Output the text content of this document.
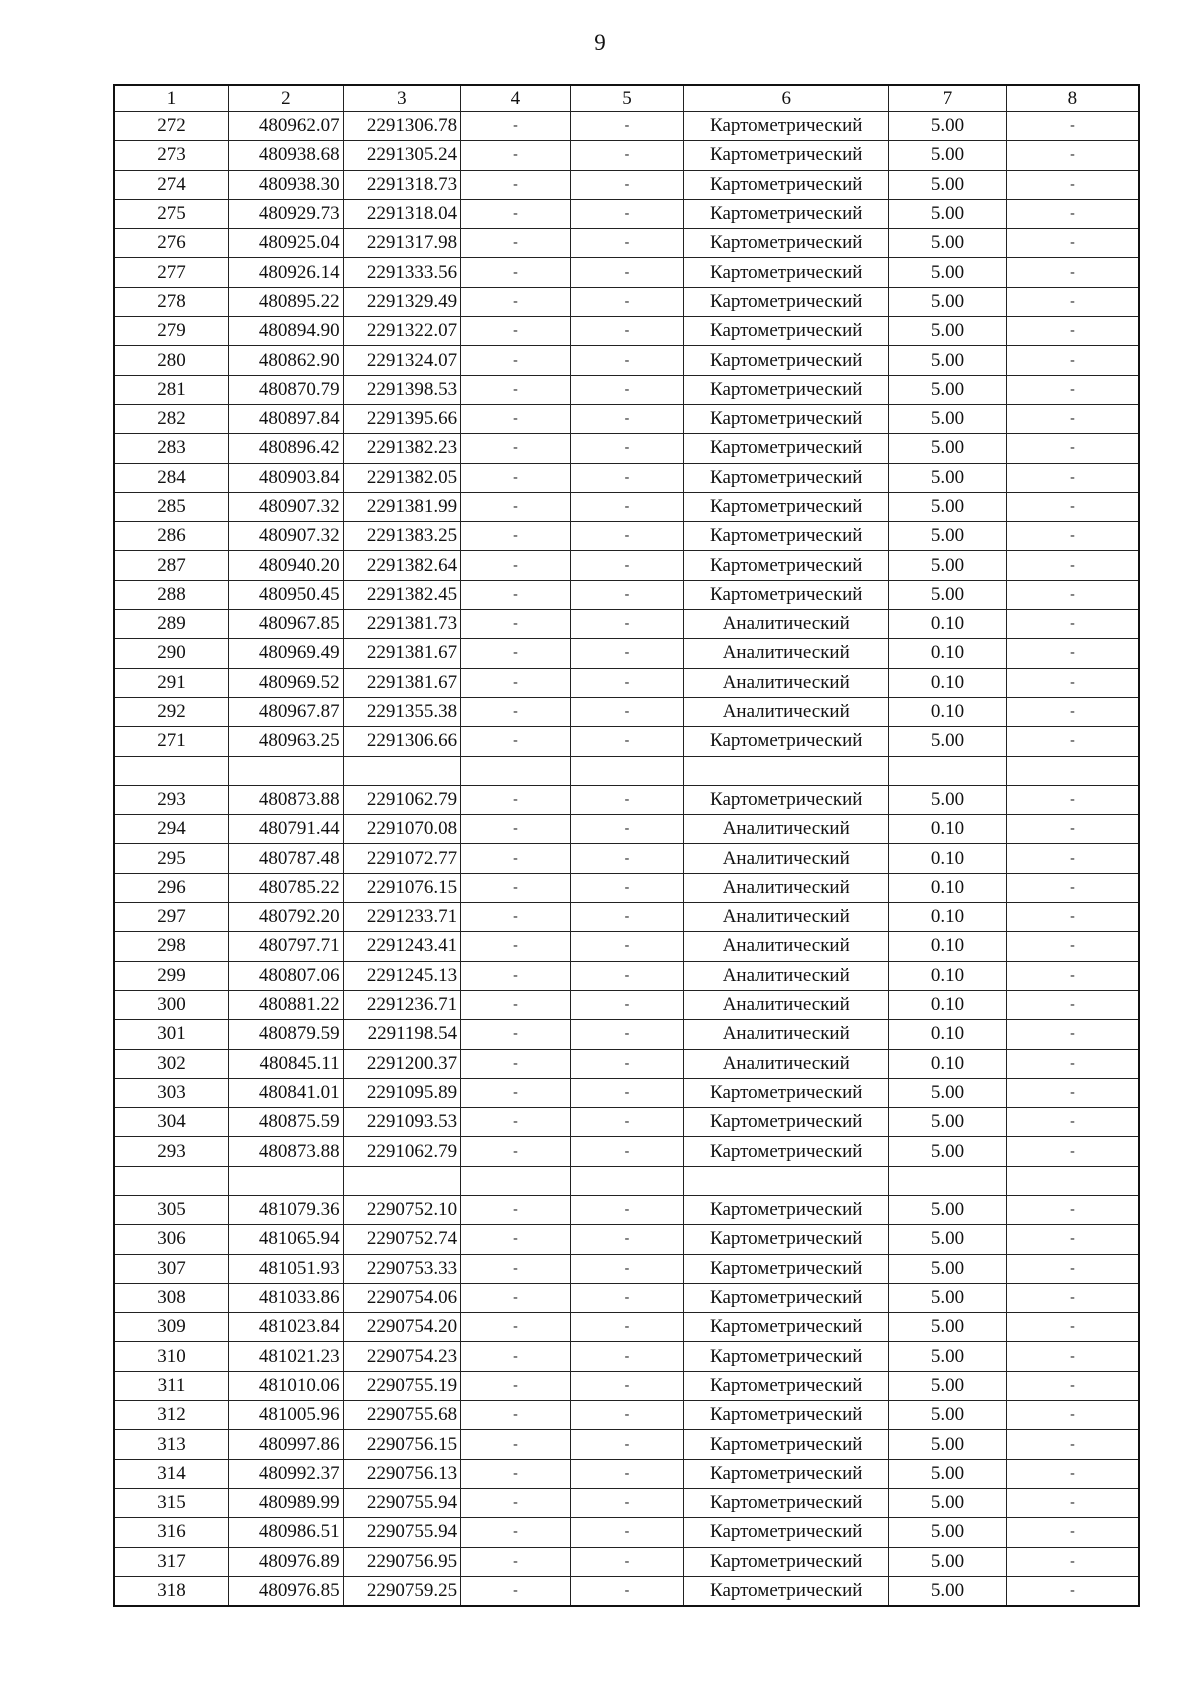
9
1	2	3	4	5	6	7	8
272	480962.07	2291306.78	-	-	Картометрический	5.00	-
273	480938.68	2291305.24	-	-	Картометрический	5.00	-
274	480938.30	2291318.73	-	-	Картометрический	5.00	-
275	480929.73	2291318.04	-	-	Картометрический	5.00	-
276	480925.04	2291317.98	-	-	Картометрический	5.00	-
277	480926.14	2291333.56	-	-	Картометрический	5.00	-
278	480895.22	2291329.49	-	-	Картометрический	5.00	-
279	480894.90	2291322.07	-	-	Картометрический	5.00	-
280	480862.90	2291324.07	-	-	Картометрический	5.00	-
281	480870.79	2291398.53	-	-	Картометрический	5.00	-
282	480897.84	2291395.66	-	-	Картометрический	5.00	-
283	480896.42	2291382.23	-	-	Картометрический	5.00	-
284	480903.84	2291382.05	-	-	Картометрический	5.00	-
285	480907.32	2291381.99	-	-	Картометрический	5.00	-
286	480907.32	2291383.25	-	-	Картометрический	5.00	-
287	480940.20	2291382.64	-	-	Картометрический	5.00	-
288	480950.45	2291382.45	-	-	Картометрический	5.00	-
289	480967.85	2291381.73	-	-	Аналитический	0.10	-
290	480969.49	2291381.67	-	-	Аналитический	0.10	-
291	480969.52	2291381.67	-	-	Аналитический	0.10	-
292	480967.87	2291355.38	-	-	Аналитический	0.10	-
271	480963.25	2291306.66	-	-	Картометрический	5.00	-

293	480873.88	2291062.79	-	-	Картометрический	5.00	-
294	480791.44	2291070.08	-	-	Аналитический	0.10	-
295	480787.48	2291072.77	-	-	Аналитический	0.10	-
296	480785.22	2291076.15	-	-	Аналитический	0.10	-
297	480792.20	2291233.71	-	-	Аналитический	0.10	-
298	480797.71	2291243.41	-	-	Аналитический	0.10	-
299	480807.06	2291245.13	-	-	Аналитический	0.10	-
300	480881.22	2291236.71	-	-	Аналитический	0.10	-
301	480879.59	2291198.54	-	-	Аналитический	0.10	-
302	480845.11	2291200.37	-	-	Аналитический	0.10	-
303	480841.01	2291095.89	-	-	Картометрический	5.00	-
304	480875.59	2291093.53	-	-	Картометрический	5.00	-
293	480873.88	2291062.79	-	-	Картометрический	5.00	-

305	481079.36	2290752.10	-	-	Картометрический	5.00	-
306	481065.94	2290752.74	-	-	Картометрический	5.00	-
307	481051.93	2290753.33	-	-	Картометрический	5.00	-
308	481033.86	2290754.06	-	-	Картометрический	5.00	-
309	481023.84	2290754.20	-	-	Картометрический	5.00	-
310	481021.23	2290754.23	-	-	Картометрический	5.00	-
311	481010.06	2290755.19	-	-	Картометрический	5.00	-
312	481005.96	2290755.68	-	-	Картометрический	5.00	-
313	480997.86	2290756.15	-	-	Картометрический	5.00	-
314	480992.37	2290756.13	-	-	Картометрический	5.00	-
315	480989.99	2290755.94	-	-	Картометрический	5.00	-
316	480986.51	2290755.94	-	-	Картометрический	5.00	-
317	480976.89	2290756.95	-	-	Картометрический	5.00	-
318	480976.85	2290759.25	-	-	Картометрический	5.00	-
